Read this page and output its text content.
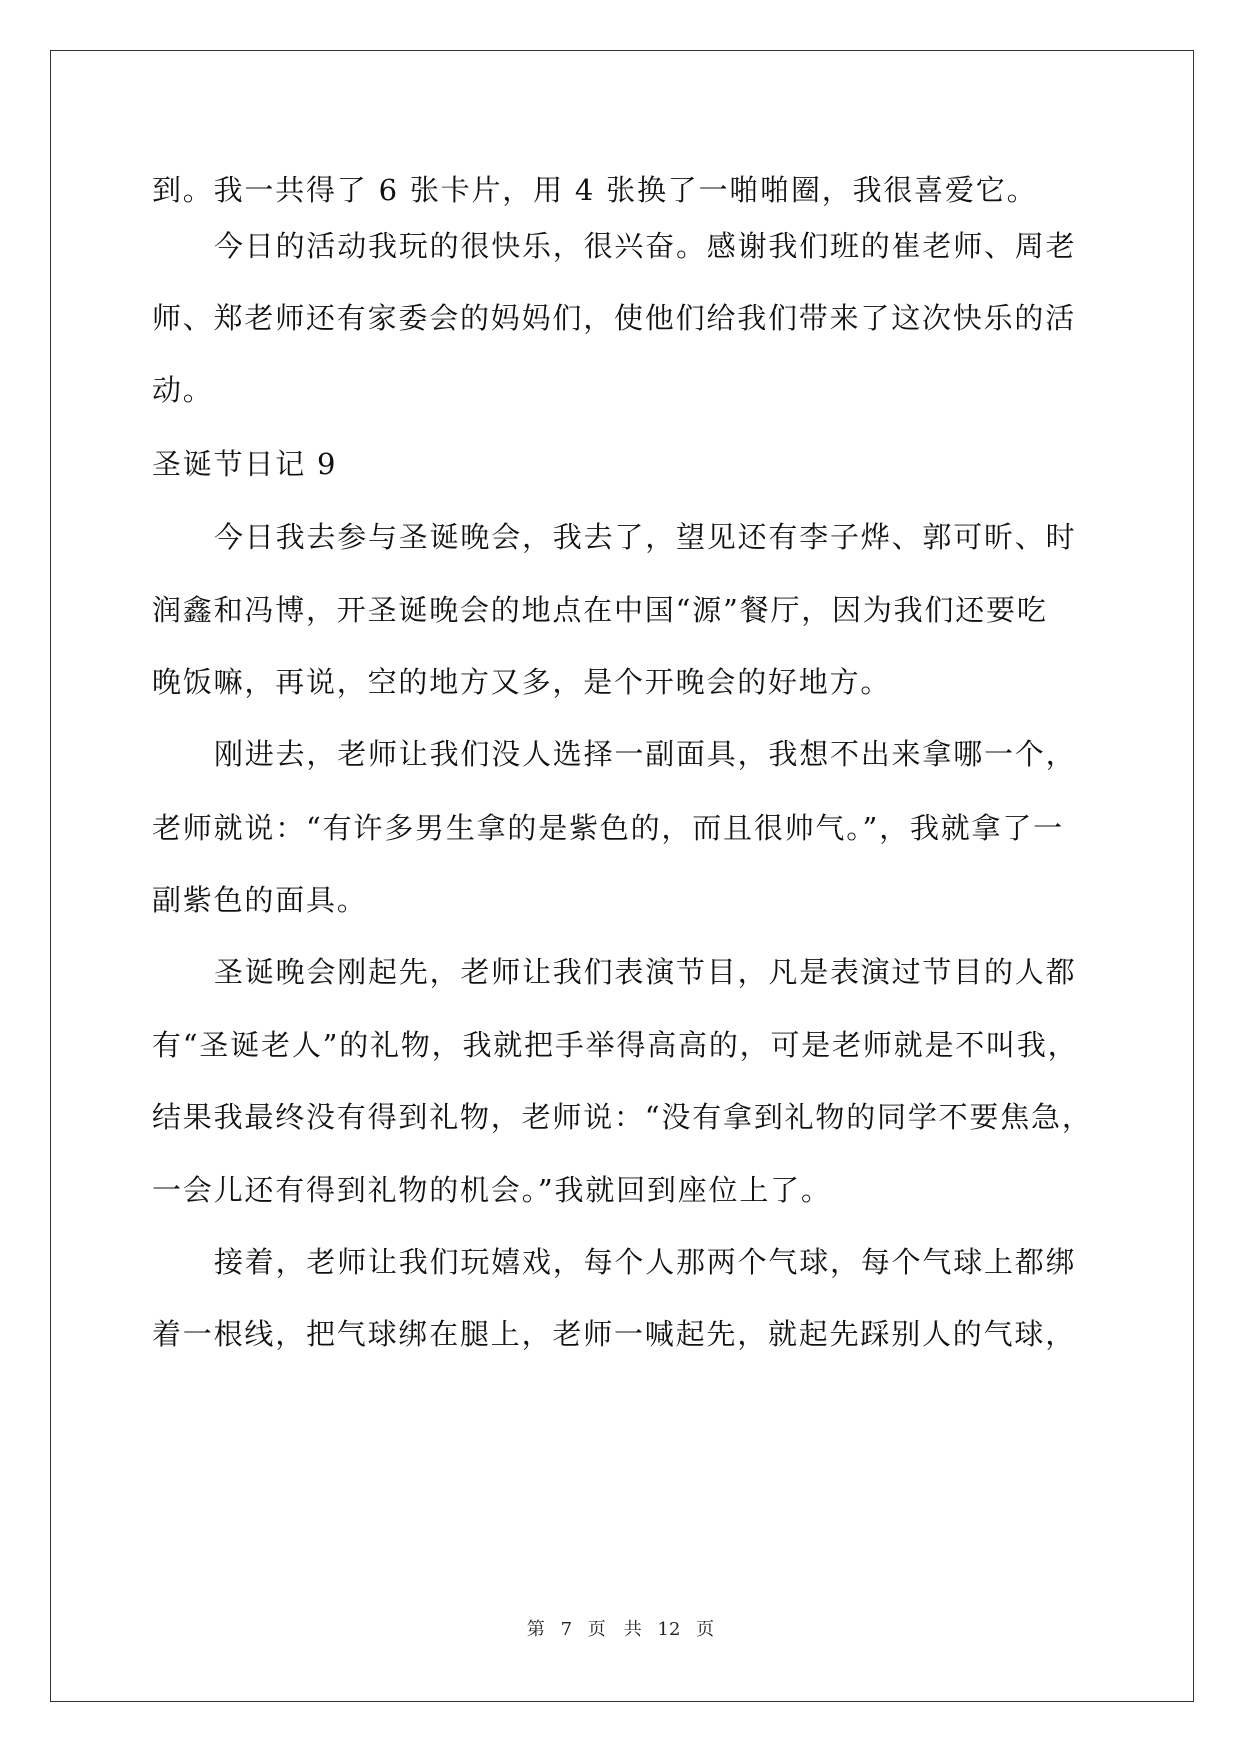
到。我一共得了 6 张卡片，用 4 张换了一啪啪圈，我很喜爱它。
今日的活动我玩的很快乐，很兴奋。感谢我们班的崔老师、周老
师、郑老师还有家委会的妈妈们，使他们给我们带来了这次快乐的活
动。
圣诞节日记 9
今日我去参与圣诞晚会，我去了，望见还有李子烨、郭可昕、时
润鑫和冯博，开圣诞晚会的地点在中国“源”餐厅，因为我们还要吃
晚饭嘛，再说，空的地方又多，是个开晚会的好地方。
刚进去，老师让我们没人选择一副面具，我想不出来拿哪一个，
老师就说：“有许多男生拿的是紫色的，而且很帅气。”，我就拿了一
副紫色的面具。
圣诞晚会刚起先，老师让我们表演节目，凡是表演过节目的人都
有“圣诞老人”的礼物，我就把手举得高高的，可是老师就是不叫我，
结果我最终没有得到礼物，老师说：“没有拿到礼物的同学不要焦急，
一会儿还有得到礼物的机会。”我就回到座位上了。
接着，老师让我们玩嬉戏，每个人那两个气球，每个气球上都绑
着一根线，把气球绑在腿上，老师一喊起先，就起先踩别人的气球，
第 7 页　共 12 页
